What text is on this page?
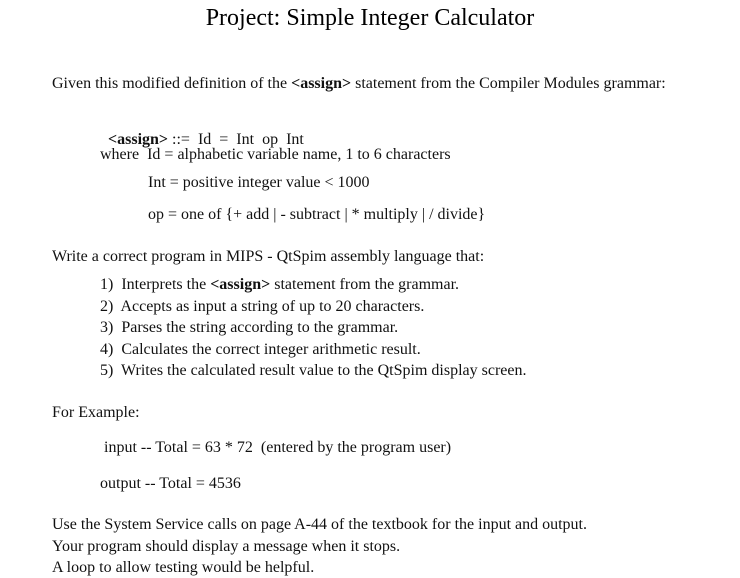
Project: Simple Integer Calculator
Given this modified definition of the <assign> statement from the Compiler Modules grammar:

<assign> ::=  Id  =  Int  op  Int

where  Id = alphabetic variable name, 1 to 6 characters
Int = positive integer value < 1000
op = one of {+ add | - subtract | * multiply | / divide}
Write a correct program in MIPS - QtSpim assembly language that:
1)  Interprets the <assign> statement from the grammar.
2)  Accepts as input a string of up to 20 characters.
3)  Parses the string according to the grammar.
4)  Calculates the correct integer arithmetic result.
5)  Writes the calculated result value to the QtSpim display screen.
For Example:
input -- Total = 63 * 72  (entered by the program user)
output -- Total = 4536
Use the System Service calls on page A-44 of the textbook for the input and output.
Your program should display a message when it stops.
A loop to allow testing would be helpful.
